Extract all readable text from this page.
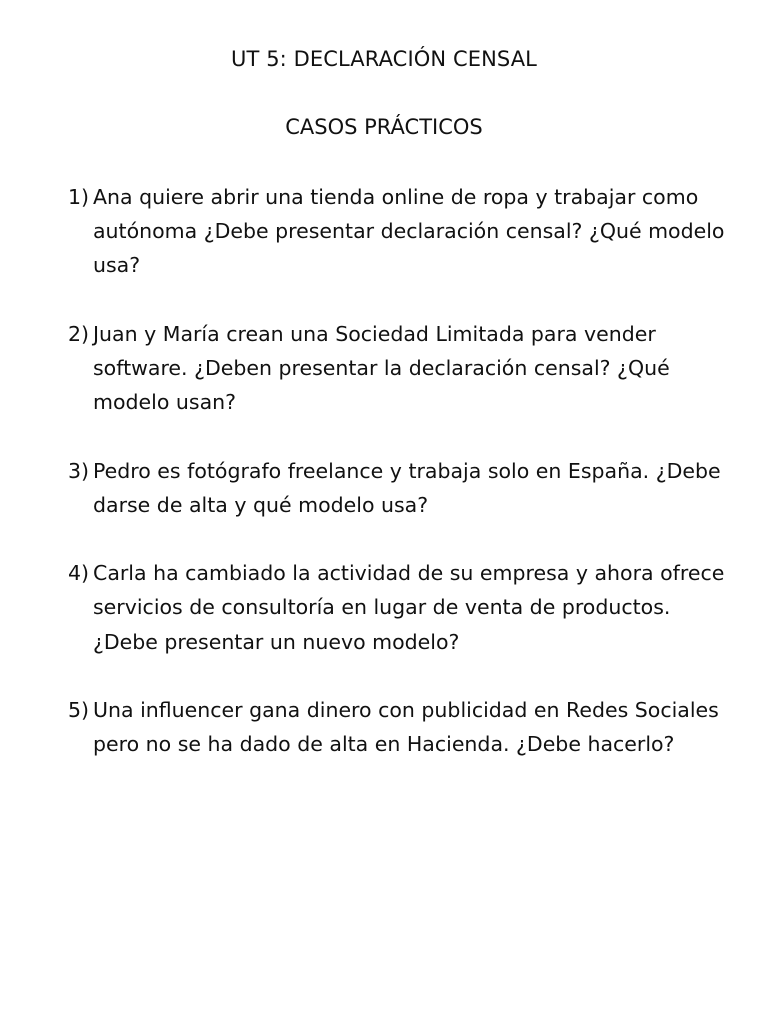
UT 5: DECLARACIÓN CENSAL
CASOS PRÁCTICOS
1) Ana quiere abrir una tienda online de ropa y trabajar como autónoma ¿Debe presentar declaración censal? ¿Qué modelo usa?
2) Juan y María crean una Sociedad Limitada para vender software. ¿Deben presentar la declaración censal? ¿Qué modelo usan?
3) Pedro es fotógrafo freelance y trabaja solo en España. ¿Debe darse de alta y qué modelo usa?
4) Carla ha cambiado la actividad de su empresa y ahora ofrece servicios de consultoría en lugar de venta de productos. ¿Debe presentar un nuevo modelo?
5) Una influencer gana dinero con publicidad en Redes Sociales pero no se ha dado de alta en Hacienda. ¿Debe hacerlo?
